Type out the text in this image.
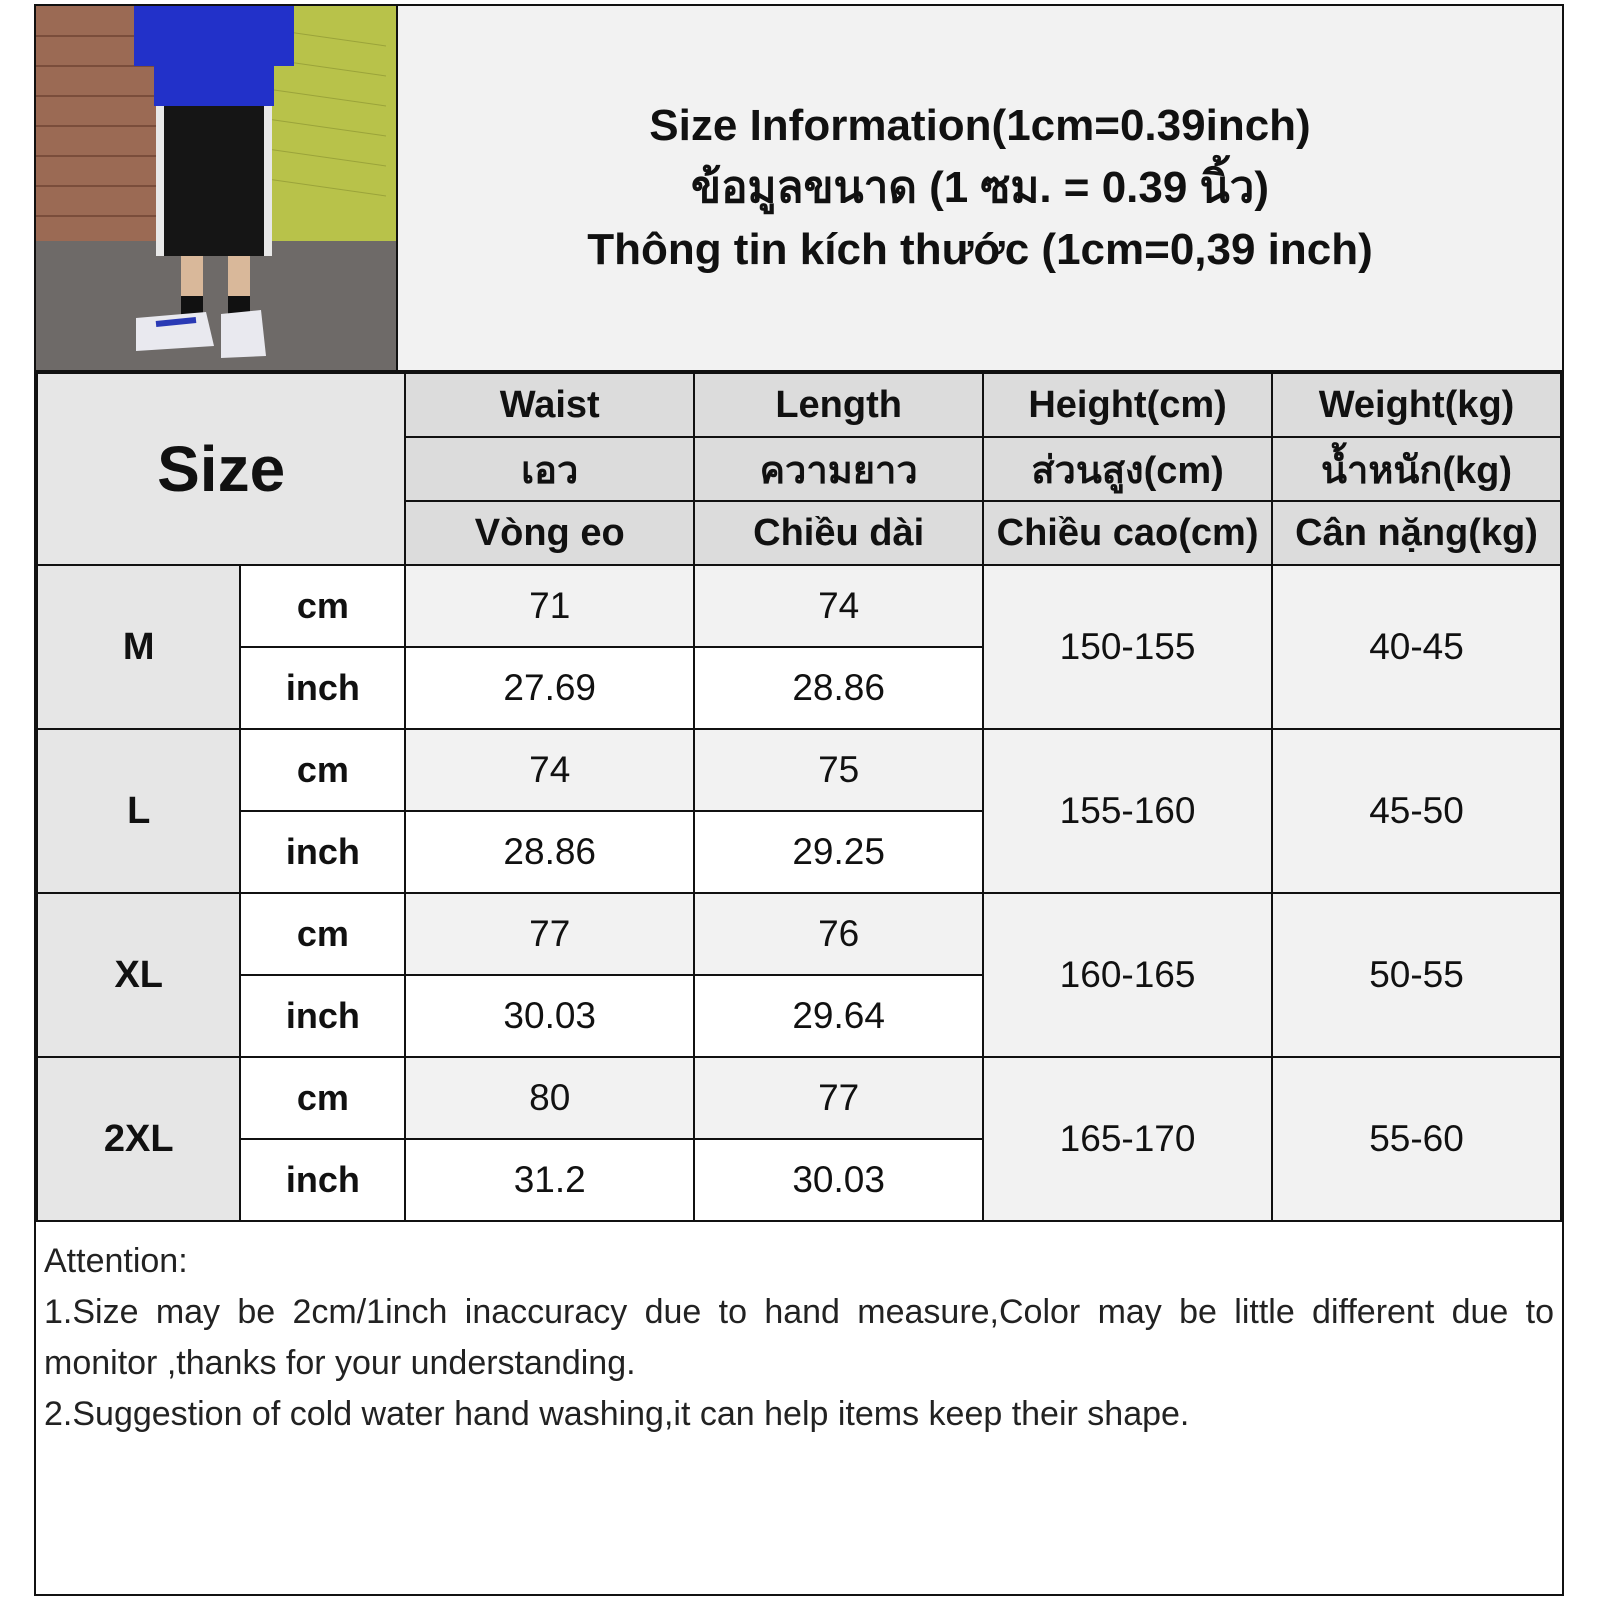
Size Information(1cm=0.39inch)
ข้อมูลขนาด (1 ซม. = 0.39 นิ้ว)
Thông tin kích thước (1cm=0,39 inch)
Size		Waist	Length	Height(cm)	Weight(kg)
		เอว	ความยาว	ส่วนสูง(cm)	น้ำหนัก(kg)
		Vòng eo	Chiều dài	Chiều cao(cm)	Cân nặng(kg)
M	cm	71	74	150-155	40-45
	inch	27.69	28.86		
L	cm	74	75	155-160	45-50
	inch	28.86	29.25		
XL	cm	77	76	160-165	50-55
	inch	30.03	29.64		
2XL	cm	80	77	165-170	55-60
	inch	31.2	30.03		

Attention:

1.Size may be 2cm/1inch inaccuracy due to hand measure,Color may be little different due to monitor ,thanks for your understanding.

2.Suggestion of cold water hand washing,it can help items keep their shape.
